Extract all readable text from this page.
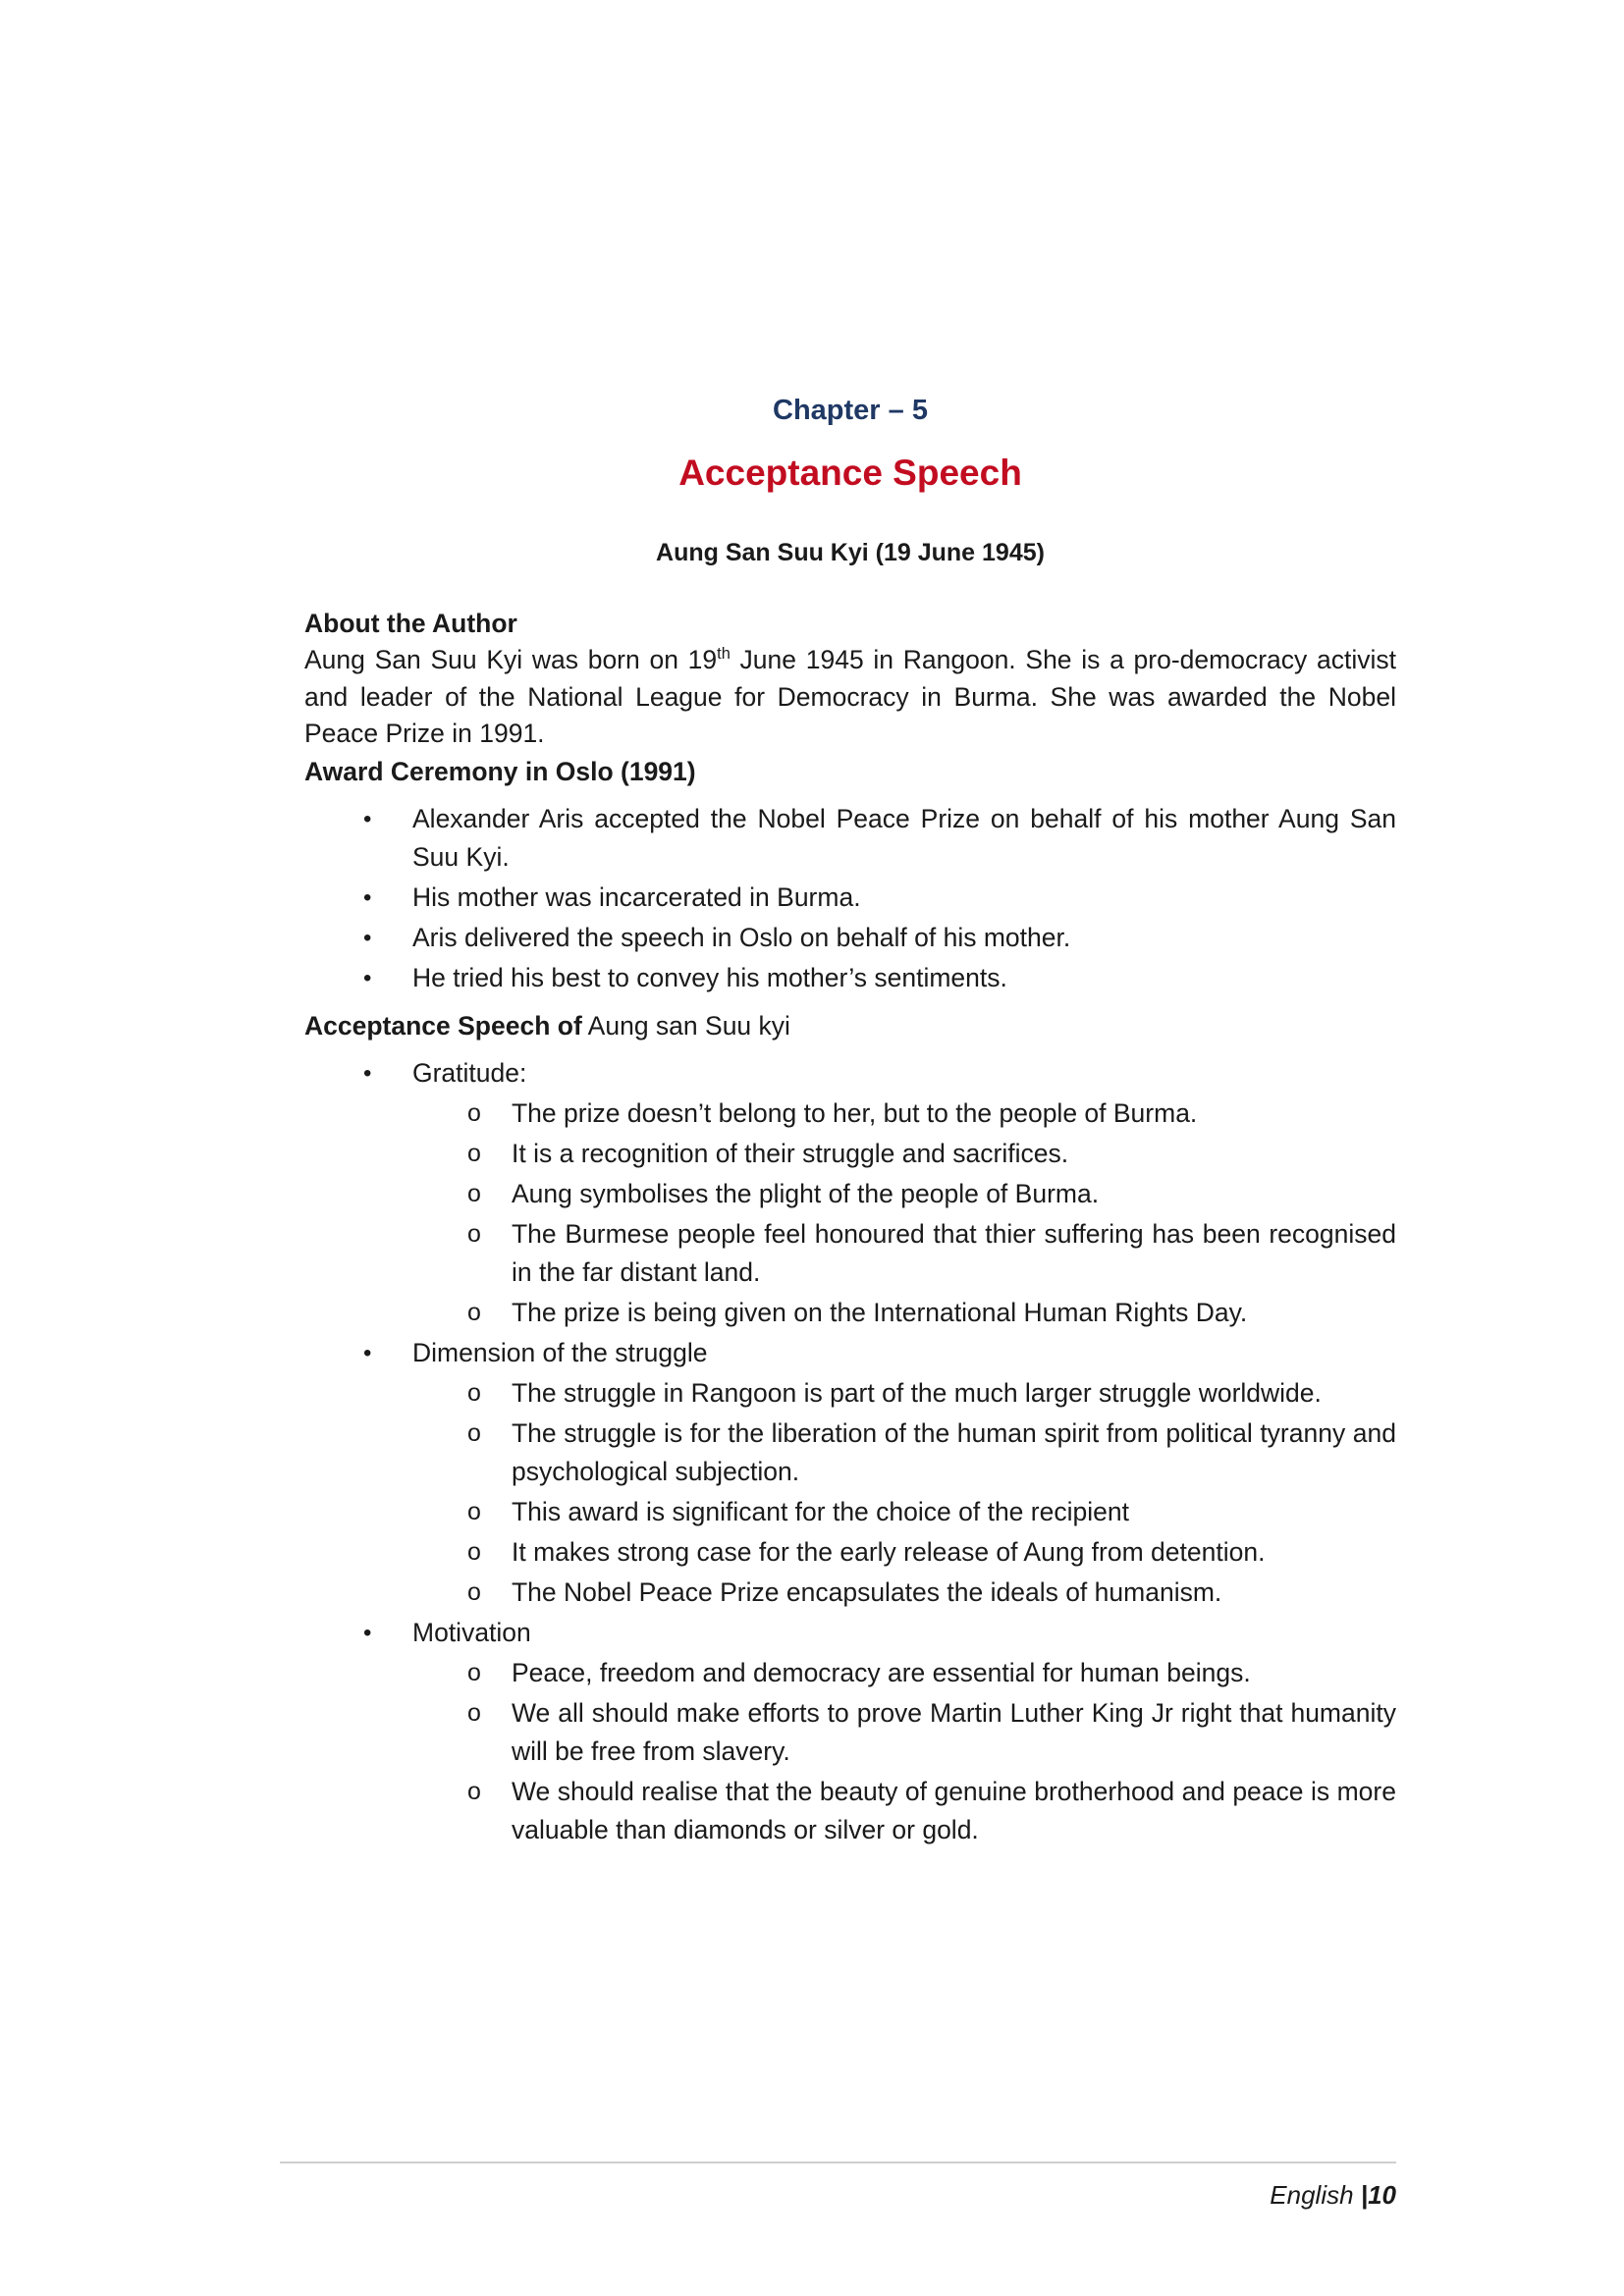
Chapter – 5
Acceptance Speech
Aung San Suu Kyi (19 June 1945)
About the Author

Aung San Suu Kyi was born on 19th June 1945 in Rangoon. She is a pro-democracy activist and leader of the National League for Democracy in Burma. She was awarded the Nobel Peace Prize in 1991.

Award Ceremony in Oslo (1991)
•	Alexander Aris accepted the Nobel Peace Prize on behalf of his mother Aung San Suu Kyi.
•	His mother was incarcerated in Burma.
•	Aris delivered the speech in Oslo on behalf of his mother.
•	He tried his best to convey his mother’s sentiments.
Acceptance Speech of Aung san Suu kyi
•	Gratitude:
o	The prize doesn’t belong to her, but to the people of Burma.
o	It is a recognition of their struggle and sacrifices.
o	Aung symbolises the plight of the people of Burma.
o	The Burmese people feel honoured that thier suffering has been recognised in the far distant land.
o	The prize is being given on the International Human Rights Day.
•	Dimension of the struggle
o	The struggle in Rangoon is part of the much larger struggle worldwide.
o	The struggle is for the liberation of the human spirit from political tyranny and psychological subjection.
o	This award is significant for the choice of the recipient
o	It makes strong case for the early release of Aung from detention.
o	The Nobel Peace Prize encapsulates the ideals of humanism.
•	Motivation
o	Peace, freedom and democracy are essential for human beings.
o	We all should make efforts to prove Martin Luther King Jr right that humanity will be free from slavery.
o	We should realise that the beauty of genuine brotherhood and peace is more valuable than diamonds or silver or gold.
English |10
